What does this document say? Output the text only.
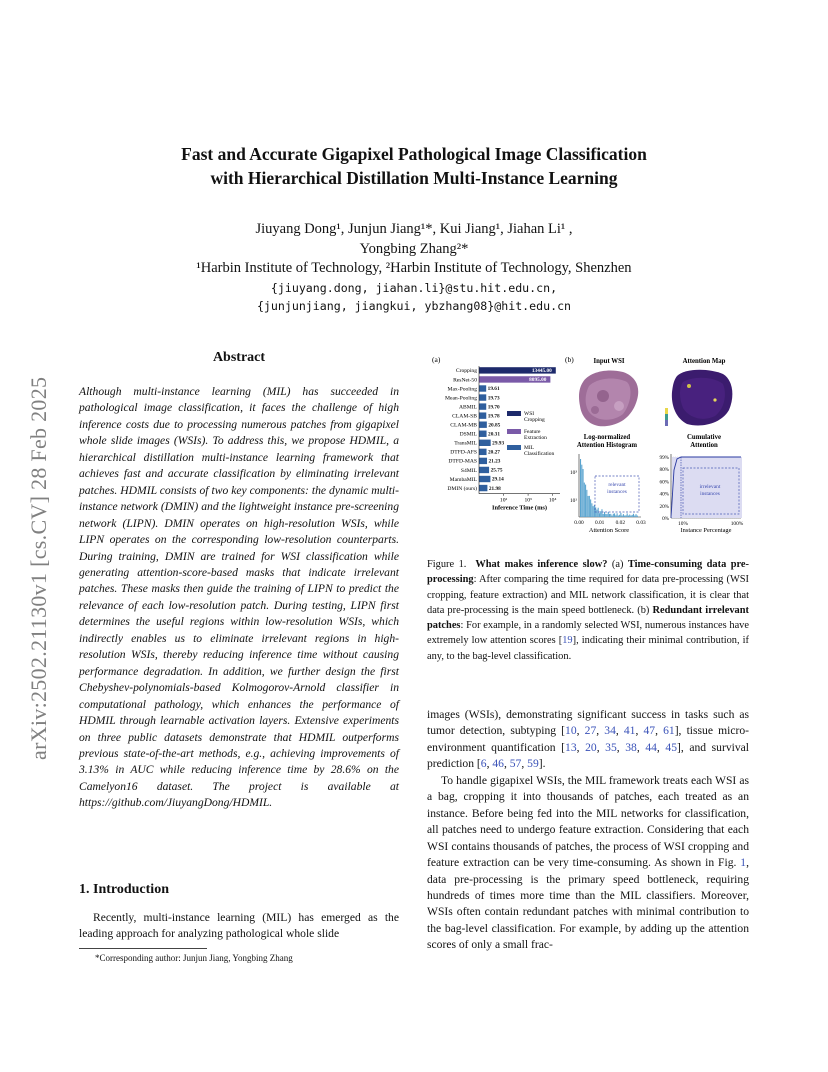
arXiv:2502.21130v1 [cs.CV] 28 Feb 2025
Fast and Accurate Gigapixel Pathological Image Classification
with Hierarchical Distillation Multi-Instance Learning
Jiuyang Dong¹, Junjun Jiang¹*, Kui Jiang¹, Jiahan Li¹ ,
Yongbing Zhang²*
¹Harbin Institute of Technology, ²Harbin Institute of Technology, Shenzhen
{jiuyang.dong, jiahan.li}@stu.hit.edu.cn,
{junjunjiang, jiangkui, ybzhang08}@hit.edu.cn
Abstract

Although multi-instance learning (MIL) has succeeded in pathological image classification, it faces the challenge of high inference costs due to processing numerous patches from gigapixel whole slide images (WSIs). To address this, we propose HDMIL, a hierarchical distillation multi-instance learning framework that achieves fast and accurate classification by eliminating irrelevant patches. HDMIL consists of two key components: the dynamic multi-instance network (DMIN) and the lightweight instance pre-screening network (LIPN). DMIN operates on high-resolution WSIs, while LIPN operates on the corresponding low-resolution counterparts. During training, DMIN are trained for WSI classification while generating attention-score-based masks that indicate irrelevant patches. These masks then guide the training of LIPN to predict the relevance of each low-resolution patch. During testing, LIPN first determines the useful regions within low-resolution WSIs, which indirectly enables us to eliminate irrelevant regions in high-resolution WSIs, thereby reducing inference time without causing performance degradation. In addition, we further design the first Chebyshev-polynomials-based Kolmogorov-Arnold classifier in computational pathology, which enhances the performance of HDMIL through learnable activation layers. Extensive experiments on three public datasets demonstrate that HDMIL outperforms previous state-of-the-art methods, e.g., achieving improvements of 3.13% in AUC while reducing inference time by 28.6% on the Camelyon16 dataset. The project is available at https://github.com/JiuyangDong/HDMIL.

1. Introduction

Recently, multi-instance learning (MIL) has emerged as the leading approach for analyzing pathological whole slide

*Corresponding author: Junjun Jiang, Yongbing Zhang
(a)
Cropping	13445.00
ResNet-50	8095.00
Max-Pooling 19.61
Mean-Pooling 19.73
ABMIL 19.70
CLAM-SB 19.78
CLAM-MB 20.85
DSMIL 20.31
TransMIL	29.93
DTFD-AFS 20.27
DTFD-MAS 21.23
S4MIL	25.75
MambaMIL	29.14
DMIN (ours) 21.98
10²	10³	10⁴
Inference Time (ms)
WSI
Cropping
Feature
Extraction
MIL
Classification
(b)	Input WSI	Attention Map
Log-normalized
Attention Histogram
10³
10¹
0.00 0.01 0.02 0.03
relevant
instances
Attention Score
Cumulative
Attention
99%
80%
60%
40%
20%
0%
10%	100%
irrelevant
instances
Instance Percentage

Figure 1. What makes inference slow? (a) Time-consuming data pre-processing: After comparing the time required for data pre-processing (WSI cropping, feature extraction) and MIL network classification, it is clear that data pre-processing is the main speed bottleneck. (b) Redundant irrelevant patches: For example, in a randomly selected WSI, numerous instances have extremely low attention scores [19], indicating their minimal contribution, if any, to the bag-level classification.

images (WSIs), demonstrating significant success in tasks such as tumor detection, subtyping [10, 27, 34, 41, 47, 61], tissue micro-environment quantification [13, 20, 35, 38, 44, 45], and survival prediction [6, 46, 57, 59].

To handle gigapixel WSIs, the MIL framework treats each WSI as a bag, cropping it into thousands of patches, each treated as an instance. Before being fed into the MIL networks for classification, all patches need to undergo feature extraction. Considering that each WSI contains thousands of patches, the process of WSI cropping and feature extraction can be very time-consuming. As shown in Fig. 1, data pre-processing is the primary speed bottleneck, requiring hundreds of times more time than the MIL classifiers. Moreover, WSIs often contain redundant patches with minimal contribution to the bag-level classification. For example, by adding up the attention scores of only a small frac-
